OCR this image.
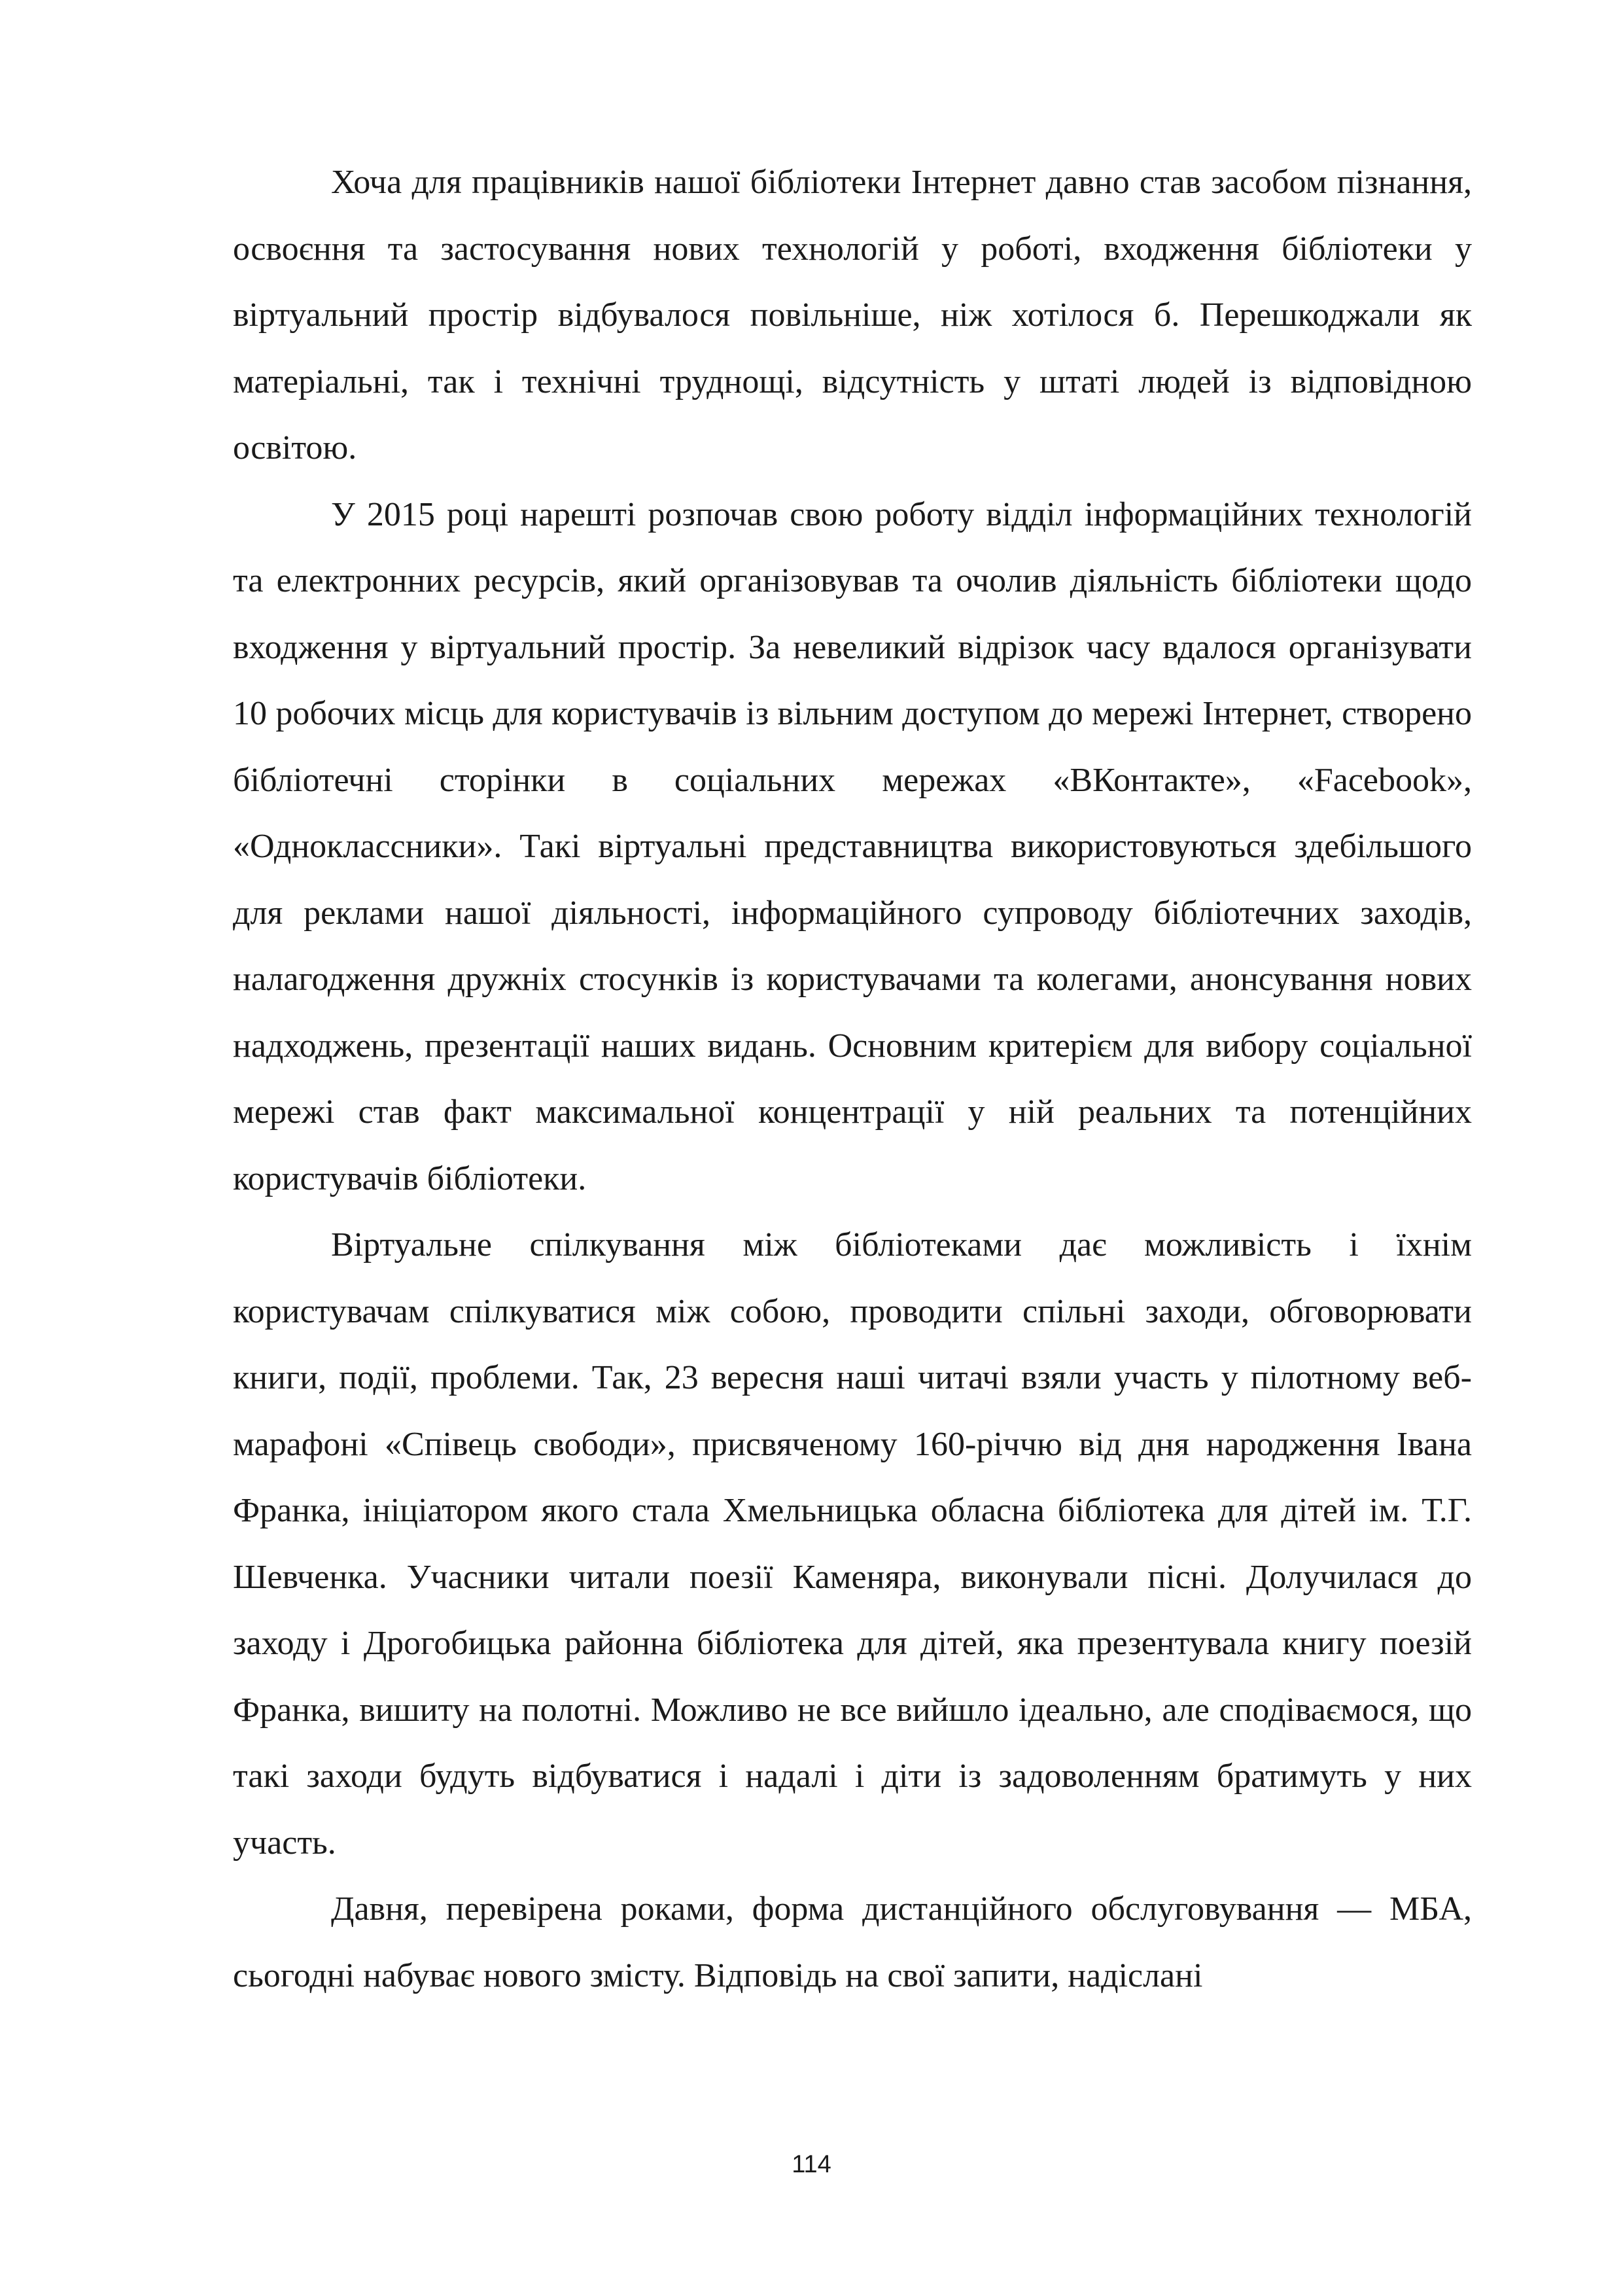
Хоча для працівників нашої бібліотеки Інтернет давно став засобом пізнання, освоєння та застосування нових технологій у роботі, входження бібліотеки у віртуальний простір відбувалося повільніше, ніж хотілося б. Перешкоджали як матеріальні, так і технічні труднощі, відсутність у штаті людей із відповідною освітою.

У 2015 році нарешті розпочав свою роботу відділ інформаційних технологій та електронних ресурсів, який організовував та очолив діяльність бібліотеки щодо входження у віртуальний простір. За невеликий відрізок часу вдалося організувати 10 робочих місць для користувачів із вільним доступом до мережі Інтернет, створено бібліотечні сторінки в соціальних мережах «ВКонтакте», «Facebook», «Одноклассники». Такі віртуальні представництва використовуються здебільшого для реклами нашої діяльності, інформаційного супроводу бібліотечних заходів, налагодження дружніх стосунків із користувачами та колегами, анонсування нових надходжень, презентації наших видань. Основним критерієм для вибору соціальної мережі став факт максимальної концентрації у ній реальних та потенційних користувачів бібліотеки.

Віртуальне спілкування між бібліотеками дає можливість і їхнім користувачам спілкуватися між собою, проводити спільні заходи, обговорювати книги, події, проблеми. Так, 23 вересня наші читачі взяли участь у пілотному веб-марафоні «Співець свободи», присвяченому 160-річчю від дня народження Івана Франка, ініціатором якого стала Хмельницька обласна бібліотека для дітей ім. Т.Г. Шевченка. Учасники читали поезії Каменяра, виконували пісні. Долучилася до заходу і Дрогобицька районна бібліотека для дітей, яка презентувала книгу поезій Франка, вишиту на полотні. Можливо не все вийшло ідеально, але сподіваємося, що такі заходи будуть відбуватися і надалі і діти із задоволенням братимуть у них участь.

Давня, перевірена роками, форма дистанційного обслуговування — МБА, сьогодні набуває нового змісту. Відповідь на свої запити, надіслані

114
